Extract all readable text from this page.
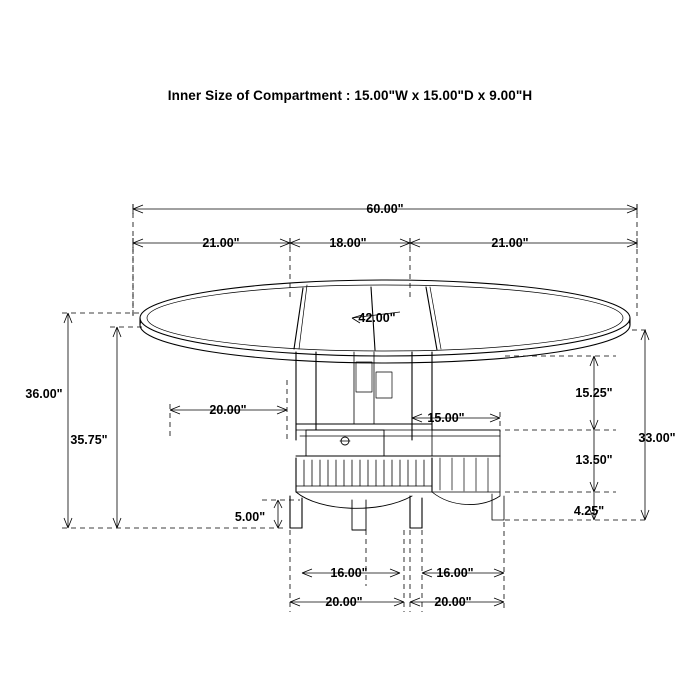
Inner Size of Compartment : 15.00"W x 15.00"D x 9.00"H
60.00"
21.00"	18.00"	21.00"
42.00"
36.00"
35.75"
20.00"
15.00"
15.25"
13.50"
4.25"
33.00"
5.00"
16.00"	16.00"
20.00"	20.00"
